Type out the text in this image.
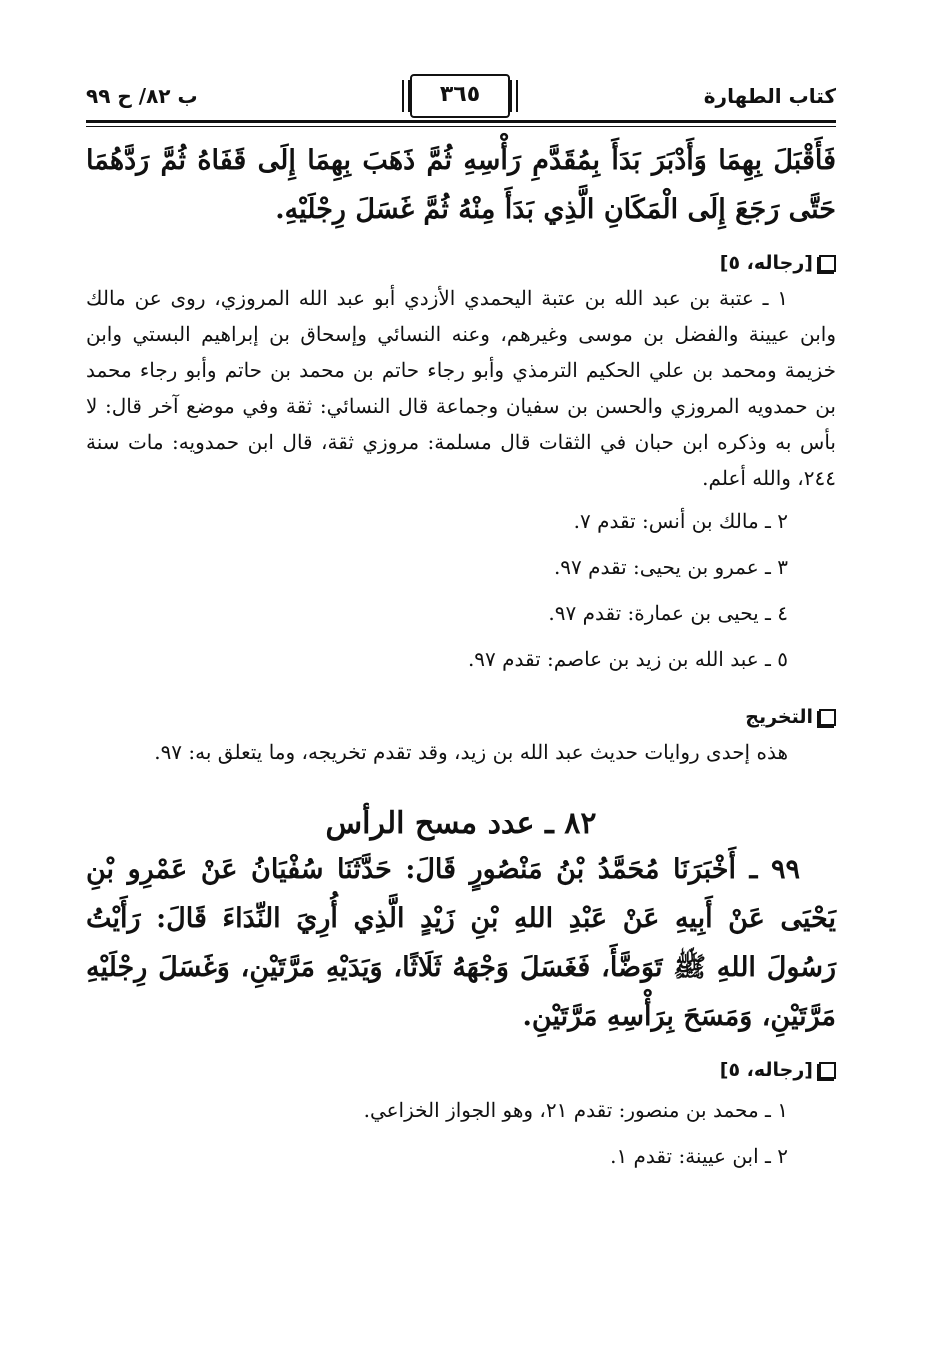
كتاب الطهارة
٣٦٥
ب ٨٢/ ح ٩٩
فَأَقْبَلَ بِهِمَا وَأَدْبَرَ بَدَأَ بِمُقَدَّمِ رَأْسِهِ ثُمَّ ذَهَبَ بِهِمَا إِلَى قَفَاهُ ثُمَّ رَدَّهُمَا حَتَّى رَجَعَ إِلَى الْمَكَانِ الَّذِي بَدَأَ مِنْهُ ثُمَّ غَسَلَ رِجْلَيْهِ.
[رجاله، ٥]

١ ـ عتبة بن عبد الله بن عتبة اليحمدي الأزدي أبو عبد الله المروزي، روى عن مالك وابن عيينة والفضل بن موسى وغيرهم، وعنه النسائي وإسحاق بن إبراهيم البستي وابن خزيمة ومحمد بن علي الحكيم الترمذي وأبو رجاء حاتم بن محمد بن حاتم وأبو رجاء محمد بن حمدويه المروزي والحسن بن سفيان وجماعة قال النسائي: ثقة وفي موضع آخر قال: لا بأس به وذكره ابن حبان في الثقات قال مسلمة: مروزي ثقة، قال ابن حمدويه: مات سنة ٢٤٤، والله أعلم.

٢ ـ مالك بن أنس: تقدم ٧.
٣ ـ عمرو بن يحيى: تقدم ٩٧.
٤ ـ يحيى بن عمارة: تقدم ٩٧.
٥ ـ عبد الله بن زيد بن عاصم: تقدم ٩٧.
التخريج

هذه إحدى روايات حديث عبد الله بن زيد، وقد تقدم تخريجه، وما يتعلق به: ٩٧.

٨٢ ـ عدد مسح الرأس
٩٩ ـ أَخْبَرَنَا مُحَمَّدُ بْنُ مَنْصُورٍ قَالَ: حَدَّثَنَا سُفْيَانُ عَنْ عَمْرِو بْنِ يَحْيَى عَنْ أَبِيهِ عَنْ عَبْدِ اللهِ بْنِ زَيْدٍ الَّذِي أُرِيَ النِّدَاءَ قَالَ: رَأَيْتُ رَسُولَ اللهِ ﷺ تَوَضَّأَ، فَغَسَلَ وَجْهَهُ ثَلَاثًا، وَيَدَيْهِ مَرَّتَيْنِ، وَغَسَلَ رِجْلَيْهِ مَرَّتَيْنِ، وَمَسَحَ بِرَأْسِهِ مَرَّتَيْنِ.
[رجاله، ٥]
١ ـ محمد بن منصور: تقدم ٢١، وهو الجواز الخزاعي.
٢ ـ ابن عيينة: تقدم ١.
